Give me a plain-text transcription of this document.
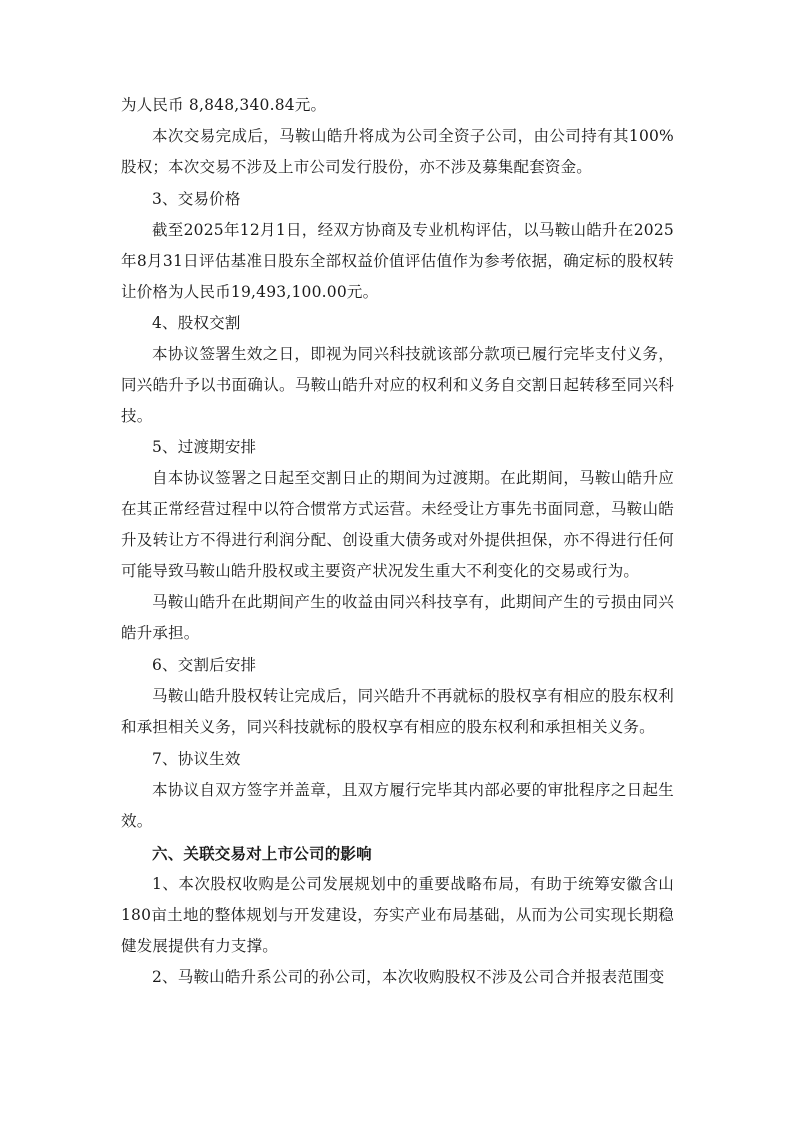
为人民币 8,848,340.84元。

本次交易完成后，马鞍山皓升将成为公司全资子公司，由公司持有其100%股权；本次交易不涉及上市公司发行股份，亦不涉及募集配套资金。

3、交易价格

截至2025年12月1日，经双方协商及专业机构评估，以马鞍山皓升在2025年8月31日评估基准日股东全部权益价值评估值作为参考依据，确定标的股权转让价格为人民币19,493,100.00元。

4、股权交割

本协议签署生效之日，即视为同兴科技就该部分款项已履行完毕支付义务，同兴皓升予以书面确认。马鞍山皓升对应的权利和义务自交割日起转移至同兴科技。

5、过渡期安排

自本协议签署之日起至交割日止的期间为过渡期。在此期间，马鞍山皓升应在其正常经营过程中以符合惯常方式运营。未经受让方事先书面同意，马鞍山皓升及转让方不得进行利润分配、创设重大债务或对外提供担保，亦不得进行任何可能导致马鞍山皓升股权或主要资产状况发生重大不利变化的交易或行为。

马鞍山皓升在此期间产生的收益由同兴科技享有，此期间产生的亏损由同兴皓升承担。

6、交割后安排

马鞍山皓升股权转让完成后，同兴皓升不再就标的股权享有相应的股东权利和承担相关义务，同兴科技就标的股权享有相应的股东权利和承担相关义务。

7、协议生效

本协议自双方签字并盖章，且双方履行完毕其内部必要的审批程序之日起生效。

六、关联交易对上市公司的影响

1、本次股权收购是公司发展规划中的重要战略布局，有助于统筹安徽含山180亩土地的整体规划与开发建设，夯实产业布局基础，从而为公司实现长期稳健发展提供有力支撑。

2、马鞍山皓升系公司的孙公司，本次收购股权不涉及公司合并报表范围变
